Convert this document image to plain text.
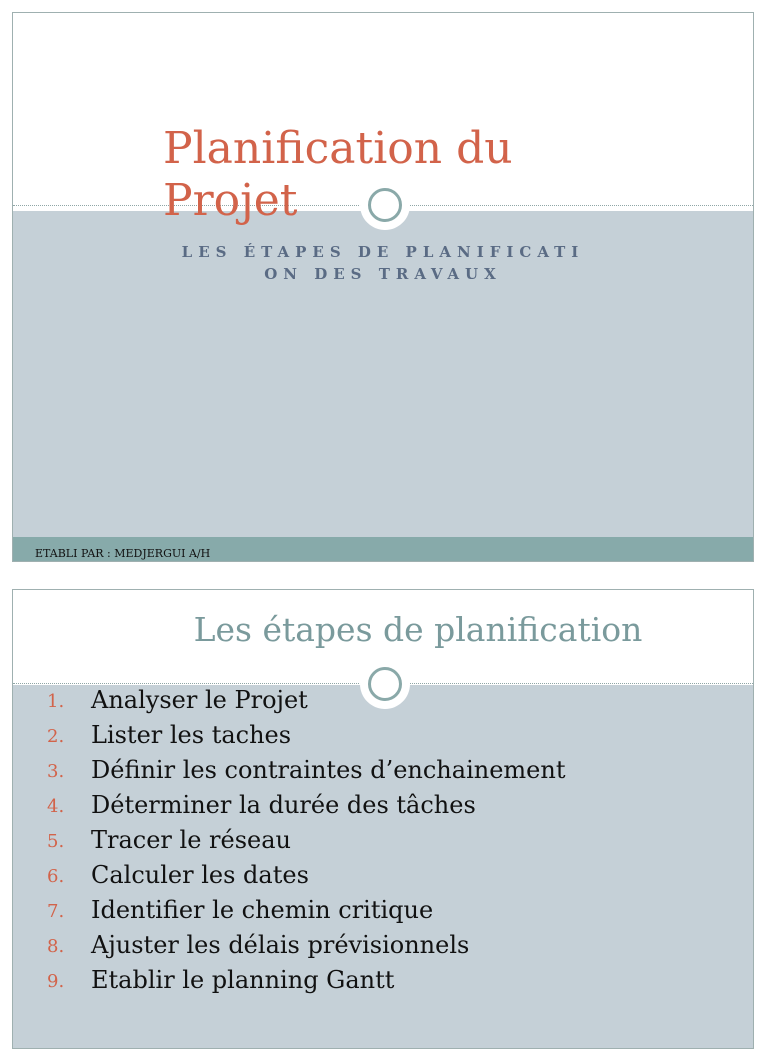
Planification du Projet

LES ÉTAPES DE PLANIFICATI ON DES TRAVAUX

ETABLI PAR : MEDJERGUI A/H

Les étapes de planification
1. Analyser le Projet
2. Lister les taches
3. Définir les contraintes d’enchainement
4. Déterminer la durée des tâches
5. Tracer le réseau
6. Calculer les dates
7. Identifier le chemin critique
8. Ajuster les délais prévisionnels
9. Etablir le planning Gantt
